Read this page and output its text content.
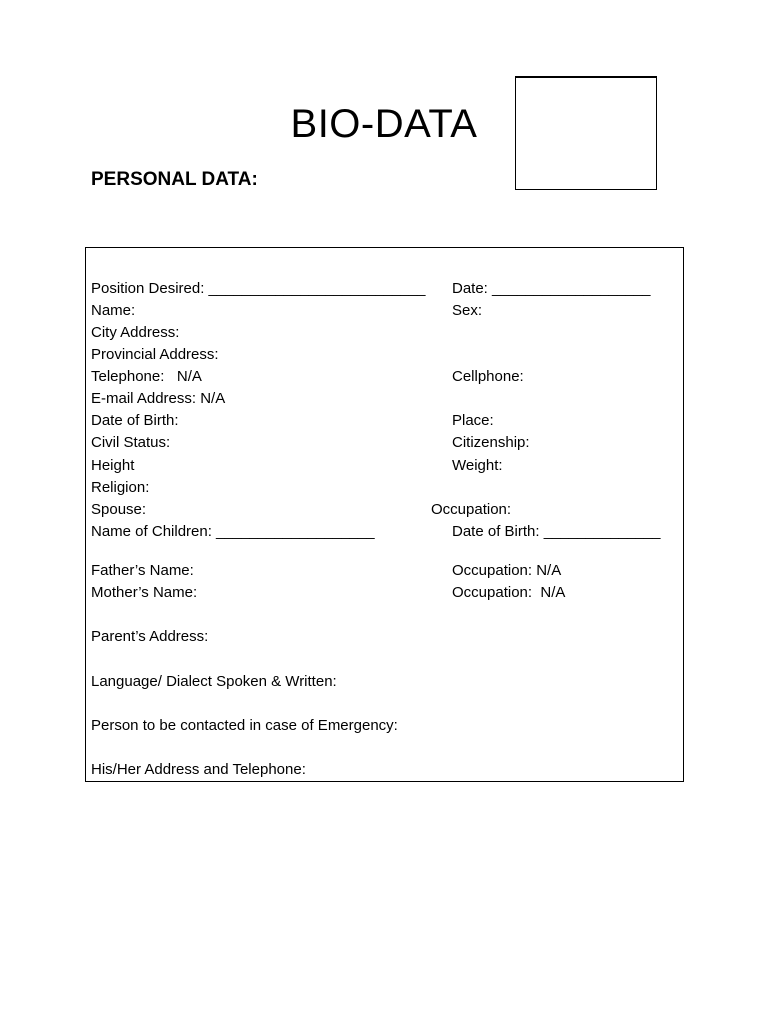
BIO-DATA
PERSONAL DATA:
Position Desired: __________________________ Date: ___________________
Name:	Sex:
City Address:
Provincial Address:
Telephone:   N/A	Cellphone:
E-mail Address: N/A
Date of Birth:	Place:
Civil Status:	Citizenship:
Height	Weight:
Religion:
Spouse:	Occupation:
Name of Children: ___________________	Date of Birth: ______________
Father’s Name:	Occupation: N/A
Mother’s Name:	Occupation:  N/A
Parent’s Address:
Language/ Dialect Spoken & Written:
Person to be contacted in case of Emergency:
His/Her Address and Telephone:
